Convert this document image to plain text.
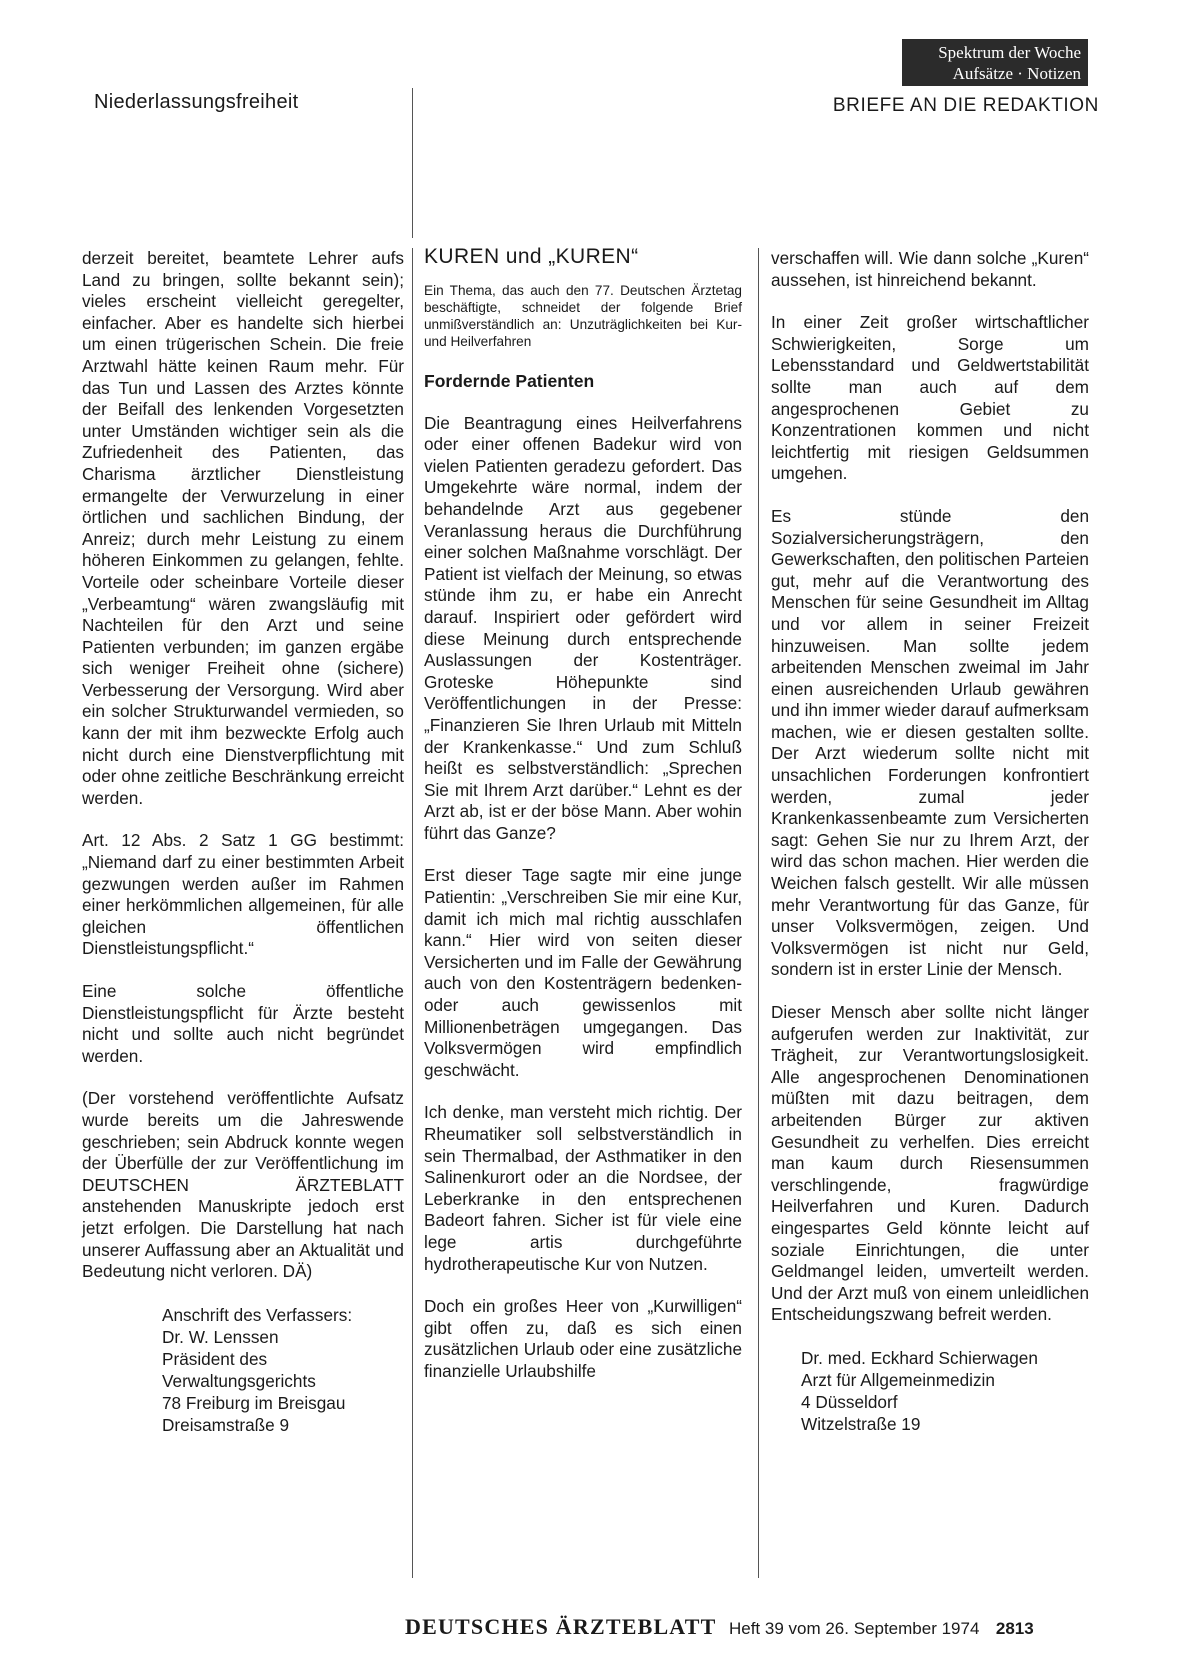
Spektrum der Woche
Aufsätze · Notizen
Niederlassungsfreiheit	BRIEFE AN DIE REDAKTION

derzeit bereitet, beamtete Lehrer aufs Land zu bringen, sollte bekannt sein); vieles erscheint vielleicht geregelter, einfacher. Aber es handelte sich hierbei um einen trügerischen Schein. Die freie Arztwahl hätte keinen Raum mehr. Für das Tun und Lassen des Arztes könnte der Beifall des lenkenden Vorgesetzten unter Umständen wichtiger sein als die Zufriedenheit des Patienten, das Charisma ärztlicher Dienstleistung ermangelte der Verwurzelung in einer örtlichen und sachlichen Bindung, der Anreiz; durch mehr Leistung zu einem höheren Einkommen zu gelangen, fehlte. Vorteile oder scheinbare Vorteile dieser „Verbeamtung“ wären zwangsläufig mit Nachteilen für den Arzt und seine Patienten verbunden; im ganzen ergäbe sich weniger Freiheit ohne (sichere) Verbesserung der Versorgung. Wird aber ein solcher Strukturwandel vermieden, so kann der mit ihm bezweckte Erfolg auch nicht durch eine Dienstverpflichtung mit oder ohne zeitliche Beschränkung erreicht werden.

Art. 12 Abs. 2 Satz 1 GG bestimmt: „Niemand darf zu einer bestimmten Arbeit gezwungen werden außer im Rahmen einer herkömmlichen allgemeinen, für alle gleichen öffentlichen Dienstleistungspflicht.“

Eine solche öffentliche Dienstleistungspflicht für Ärzte besteht nicht und sollte auch nicht begründet werden.

(Der vorstehend veröffentlichte Aufsatz wurde bereits um die Jahreswende geschrieben; sein Abdruck konnte wegen der Überfülle der zur Veröffentlichung im DEUTSCHEN ÄRZTEBLATT anstehenden Manuskripte jedoch erst jetzt erfolgen. Die Darstellung hat nach unserer Auffassung aber an Aktualität und Bedeutung nicht verloren. DÄ)

Anschrift des Verfassers:
Dr. W. Lenssen
Präsident des
Verwaltungsgerichts
78 Freiburg im Breisgau
Dreisamstraße 9
KUREN und „KUREN“

Ein Thema, das auch den 77. Deutschen Ärztetag beschäftigte, schneidet der folgende Brief unmißverständlich an: Unzuträglichkeiten bei Kur- und Heilverfahren

Fordernde Patienten

Die Beantragung eines Heilverfahrens oder einer offenen Badekur wird von vielen Patienten geradezu gefordert. Das Umgekehrte wäre normal, indem der behandelnde Arzt aus gegebener Veranlassung heraus die Durchführung einer solchen Maßnahme vorschlägt. Der Patient ist vielfach der Meinung, so etwas stünde ihm zu, er habe ein Anrecht darauf. Inspiriert oder gefördert wird diese Meinung durch entsprechende Auslassungen der Kostenträger. Groteske Höhepunkte sind Veröffentlichungen in der Presse: „Finanzieren Sie Ihren Urlaub mit Mitteln der Krankenkasse.“ Und zum Schluß heißt es selbstverständlich: „Sprechen Sie mit Ihrem Arzt darüber.“ Lehnt es der Arzt ab, ist er der böse Mann. Aber wohin führt das Ganze?

Erst dieser Tage sagte mir eine junge Patientin: „Verschreiben Sie mir eine Kur, damit ich mich mal richtig ausschlafen kann.“ Hier wird von seiten dieser Versicherten und im Falle der Gewährung auch von den Kostenträgern bedenken- oder auch gewissenlos mit Millionenbeträgen umgegangen. Das Volksvermögen wird empfindlich geschwächt.

Ich denke, man versteht mich richtig. Der Rheumatiker soll selbstverständlich in sein Thermalbad, der Asthmatiker in den Salinenkurort oder an die Nordsee, der Leberkranke in den entsprechenen Badeort fahren. Sicher ist für viele eine lege artis durchgeführte hydrotherapeutische Kur von Nutzen.

Doch ein großes Heer von „Kurwilligen“ gibt offen zu, daß es sich einen zusätzlichen Urlaub oder eine zusätzliche finanzielle Urlaubshilfe

verschaffen will. Wie dann solche „Kuren“ aussehen, ist hinreichend bekannt.

In einer Zeit großer wirtschaftlicher Schwierigkeiten, Sorge um Lebensstandard und Geldwertstabilität sollte man auch auf dem angesprochenen Gebiet zu Konzentrationen kommen und nicht leichtfertig mit riesigen Geldsummen umgehen.

Es stünde den Sozialversicherungsträgern, den Gewerkschaften, den politischen Parteien gut, mehr auf die Verantwortung des Menschen für seine Gesundheit im Alltag und vor allem in seiner Freizeit hinzuweisen. Man sollte jedem arbeitenden Menschen zweimal im Jahr einen ausreichenden Urlaub gewähren und ihn immer wieder darauf aufmerksam machen, wie er diesen gestalten sollte. Der Arzt wiederum sollte nicht mit unsachlichen Forderungen konfrontiert werden, zumal jeder Krankenkassenbeamte zum Versicherten sagt: Gehen Sie nur zu Ihrem Arzt, der wird das schon machen. Hier werden die Weichen falsch gestellt. Wir alle müssen mehr Verantwortung für das Ganze, für unser Volksvermögen, zeigen. Und Volksvermögen ist nicht nur Geld, sondern ist in erster Linie der Mensch.

Dieser Mensch aber sollte nicht länger aufgerufen werden zur Inaktivität, zur Trägheit, zur Verantwortungslosigkeit. Alle angesprochenen Denominationen müßten mit dazu beitragen, dem arbeitenden Bürger zur aktiven Gesundheit zu verhelfen. Dies erreicht man kaum durch Riesensummen verschlingende, fragwürdige Heilverfahren und Kuren. Dadurch eingespartes Geld könnte leicht auf soziale Einrichtungen, die unter Geldmangel leiden, umverteilt werden. Und der Arzt muß von einem unleidlichen Entscheidungszwang befreit werden.

Dr. med. Eckhard Schierwagen
Arzt für Allgemeinmedizin
4 Düsseldorf
Witzelstraße 19
DEUTSCHES ÄRZTEBLATT Heft 39 vom 26. September 1974 2813
